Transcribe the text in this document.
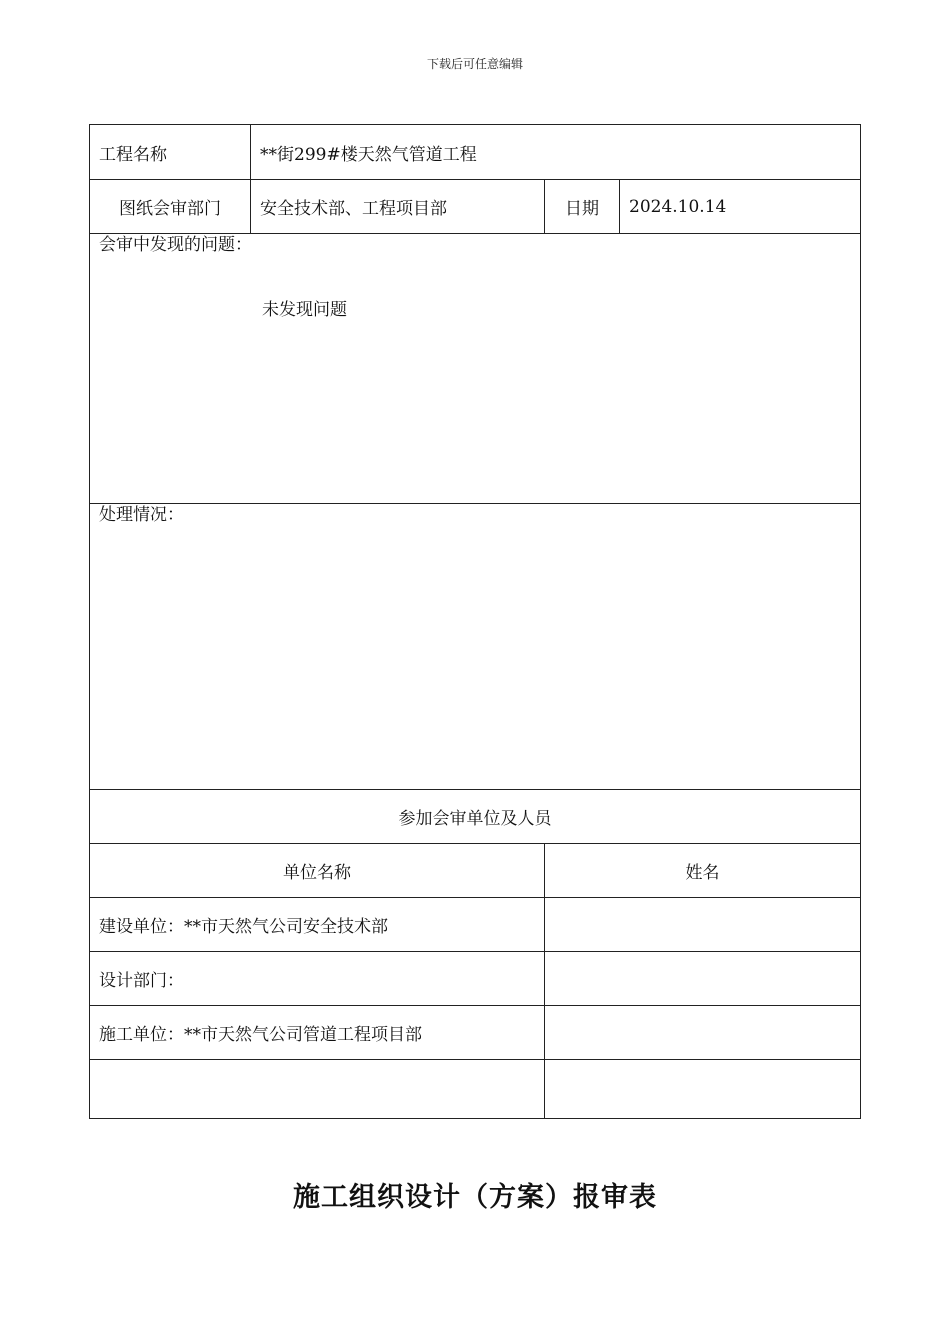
下载后可任意编辑
工程名称	**街299#楼天然气管道工程		
图纸会审部门	安全技术部、工程项目部	日期	2024.10.14

会审中发现的问题：
未发现问题			

处理情况：			

参加会审单位及人员			
单位名称		姓名	
建设单位：**市天然气公司安全技术部			
设计部门：			
施工单位：**市天然气公司管道工程项目部			

施工组织设计（方案）报审表
